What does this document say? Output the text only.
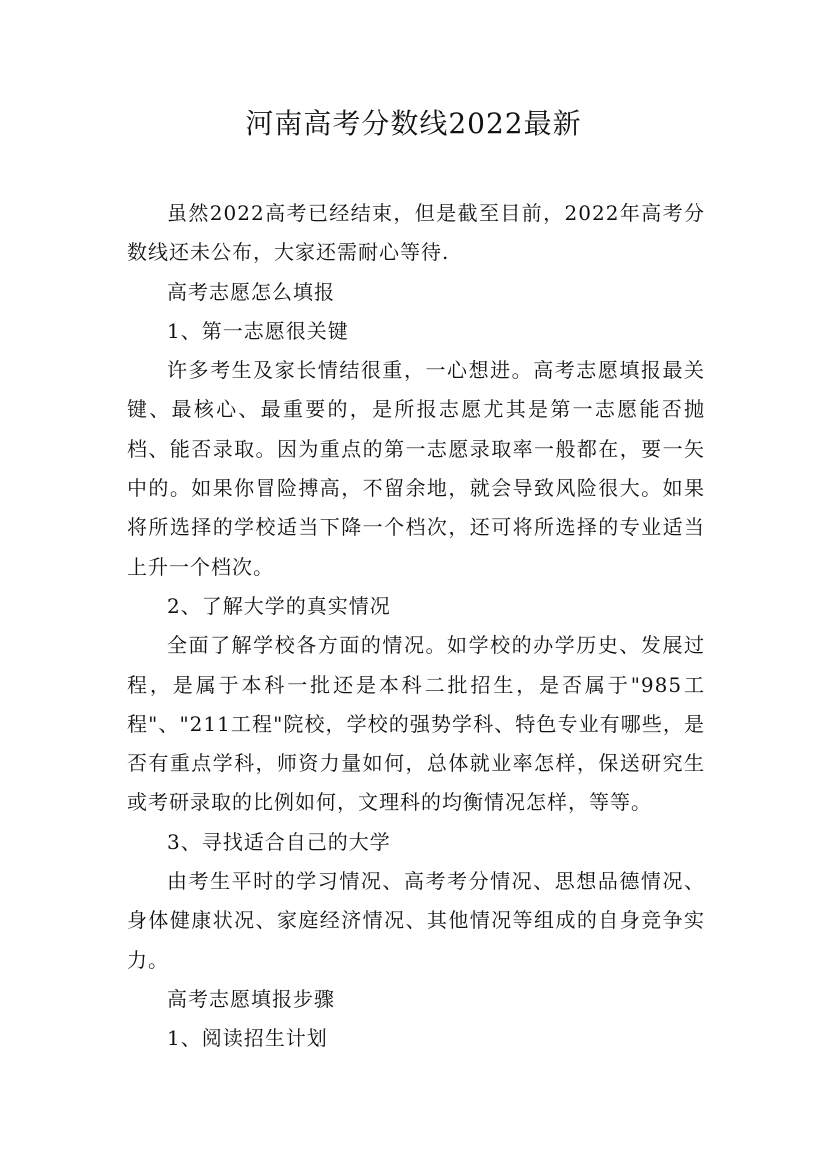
河南高考分数线2022最新

虽然2022高考已经结束，但是截至目前，2022年高考分数线还未公布，大家还需耐心等待.

高考志愿怎么填报

1、第一志愿很关键

许多考生及家长情结很重，一心想进。高考志愿填报最关键、最核心、最重要的，是所报志愿尤其是第一志愿能否抛档、能否录取。因为重点的第一志愿录取率一般都在，要一矢中的。如果你冒险搏高，不留余地，就会导致风险很大。如果将所选择的学校适当下降一个档次，还可将所选择的专业适当上升一个档次。

2、了解大学的真实情况

全面了解学校各方面的情况。如学校的办学历史、发展过程，是属于本科一批还是本科二批招生，是否属于"985工程"、"211工程"院校，学校的强势学科、特色专业有哪些，是否有重点学科，师资力量如何，总体就业率怎样，保送研究生或考研录取的比例如何，文理科的均衡情况怎样，等等。

3、寻找适合自己的大学

由考生平时的学习情况、高考考分情况、思想品德情况、身体健康状况、家庭经济情况、其他情况等组成的自身竞争实力。

高考志愿填报步骤

1、阅读招生计划
